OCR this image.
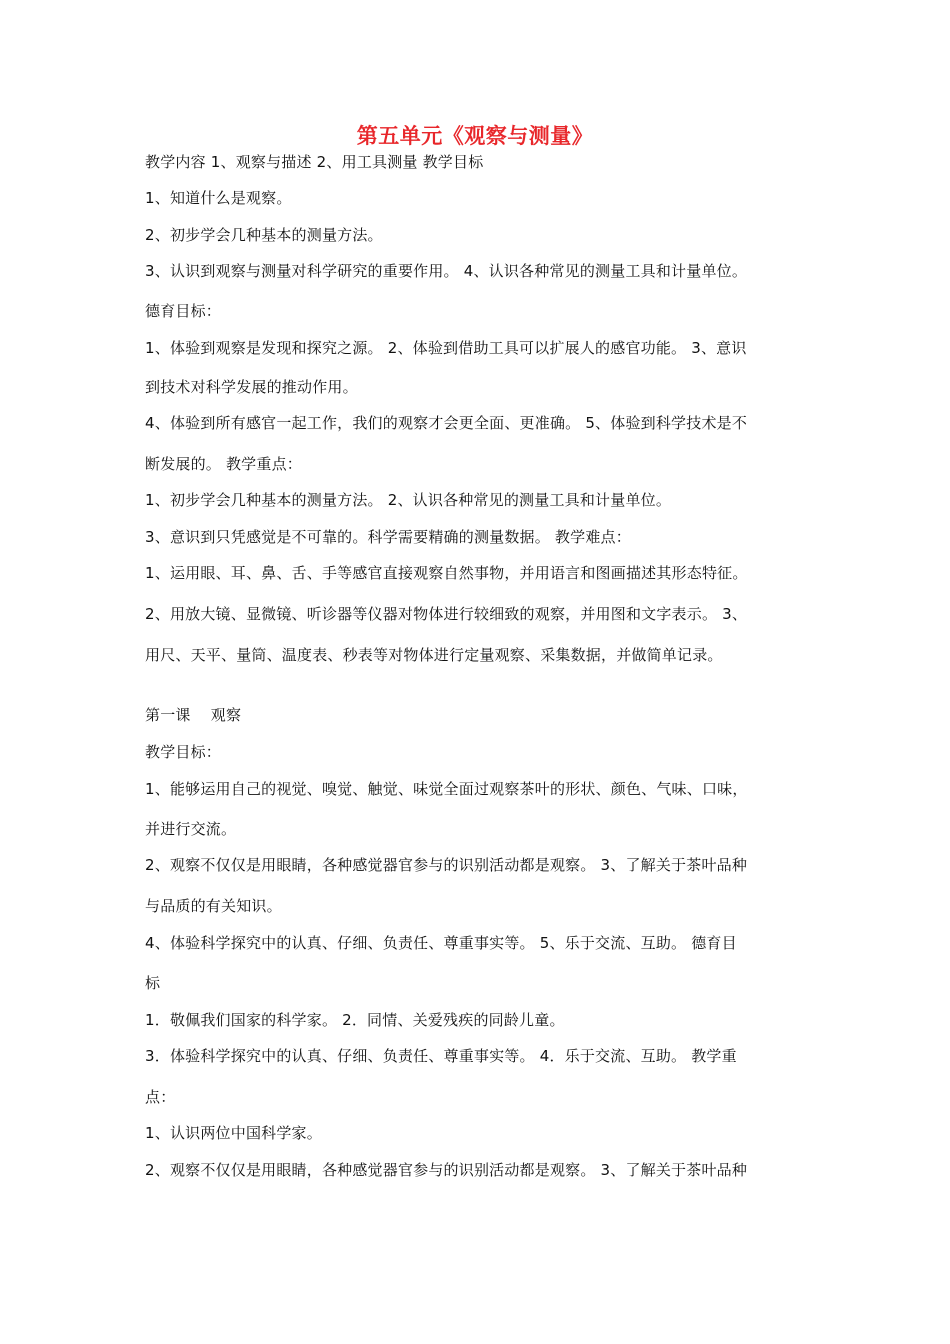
第五单元《观察与测量》
教学内容 1、观察与描述 2、用工具测量 教学目标
1、知道什么是观察。
2、初步学会几种基本的测量方法。
3、认识到观察与测量对科学研究的重要作用。 4、认识各种常见的测量工具和计量单位。
德育目标：
1、体验到观察是发现和探究之源。 2、体验到借助工具可以扩展人的感官功能。 3、意识
到技术对科学发展的推动作用。
4、体验到所有感官一起工作，我们的观察才会更全面、更准确。 5、体验到科学技术是不
断发展的。 教学重点：
1、初步学会几种基本的测量方法。 2、认识各种常见的测量工具和计量单位。
3、意识到只凭感觉是不可靠的。科学需要精确的测量数据。 教学难点：
1、运用眼、耳、鼻、舌、手等感官直接观察自然事物，并用语言和图画描述其形态特征。
2、用放大镜、显微镜、听诊器等仪器对物体进行较细致的观察，并用图和文字表示。 3、
用尺、天平、量筒、温度表、秒表等对物体进行定量观察、采集数据，并做简单记录。
第一课　 观察
教学目标：
1、能够运用自己的视觉、嗅觉、触觉、味觉全面过观察茶叶的形状、颜色、气味、口味，
并进行交流。
2、观察不仅仅是用眼睛，各种感觉器官参与的识别活动都是观察。 3、了解关于茶叶品种
与品质的有关知识。
4、体验科学探究中的认真、仔细、负责任、尊重事实等。 5、乐于交流、互助。 德育目
标
1．敬佩我们国家的科学家。 2．同情、关爱残疾的同龄儿童。
3．体验科学探究中的认真、仔细、负责任、尊重事实等。 4．乐于交流、互助。 教学重
点：
1、认识两位中国科学家。
2、观察不仅仅是用眼睛，各种感觉器官参与的识别活动都是观察。 3、了解关于茶叶品种
